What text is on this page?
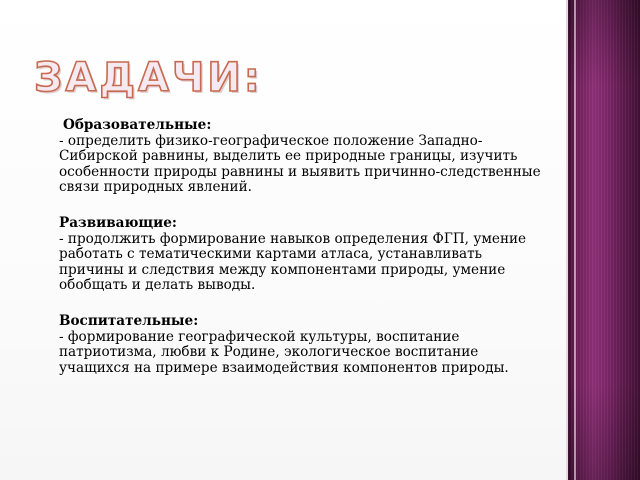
ЗАДАЧИ:
Образовательные:
- определить физико-географическое положение Западно-Сибирской равнины, выделить ее природные границы, изучить особенности природы равнины и выявить причинно-следственные связи природных явлений.
Развивающие:
- продолжить формирование навыков определения ФГП, умение работать с тематическими картами атласа, устанавливать причины и следствия между компонентами природы, умение обобщать и делать выводы.
Воспитательные:
- формирование географической культуры, воспитание патриотизма, любви к Родине, экологическое воспитание учащихся на примере взаимодействия компонентов природы.
